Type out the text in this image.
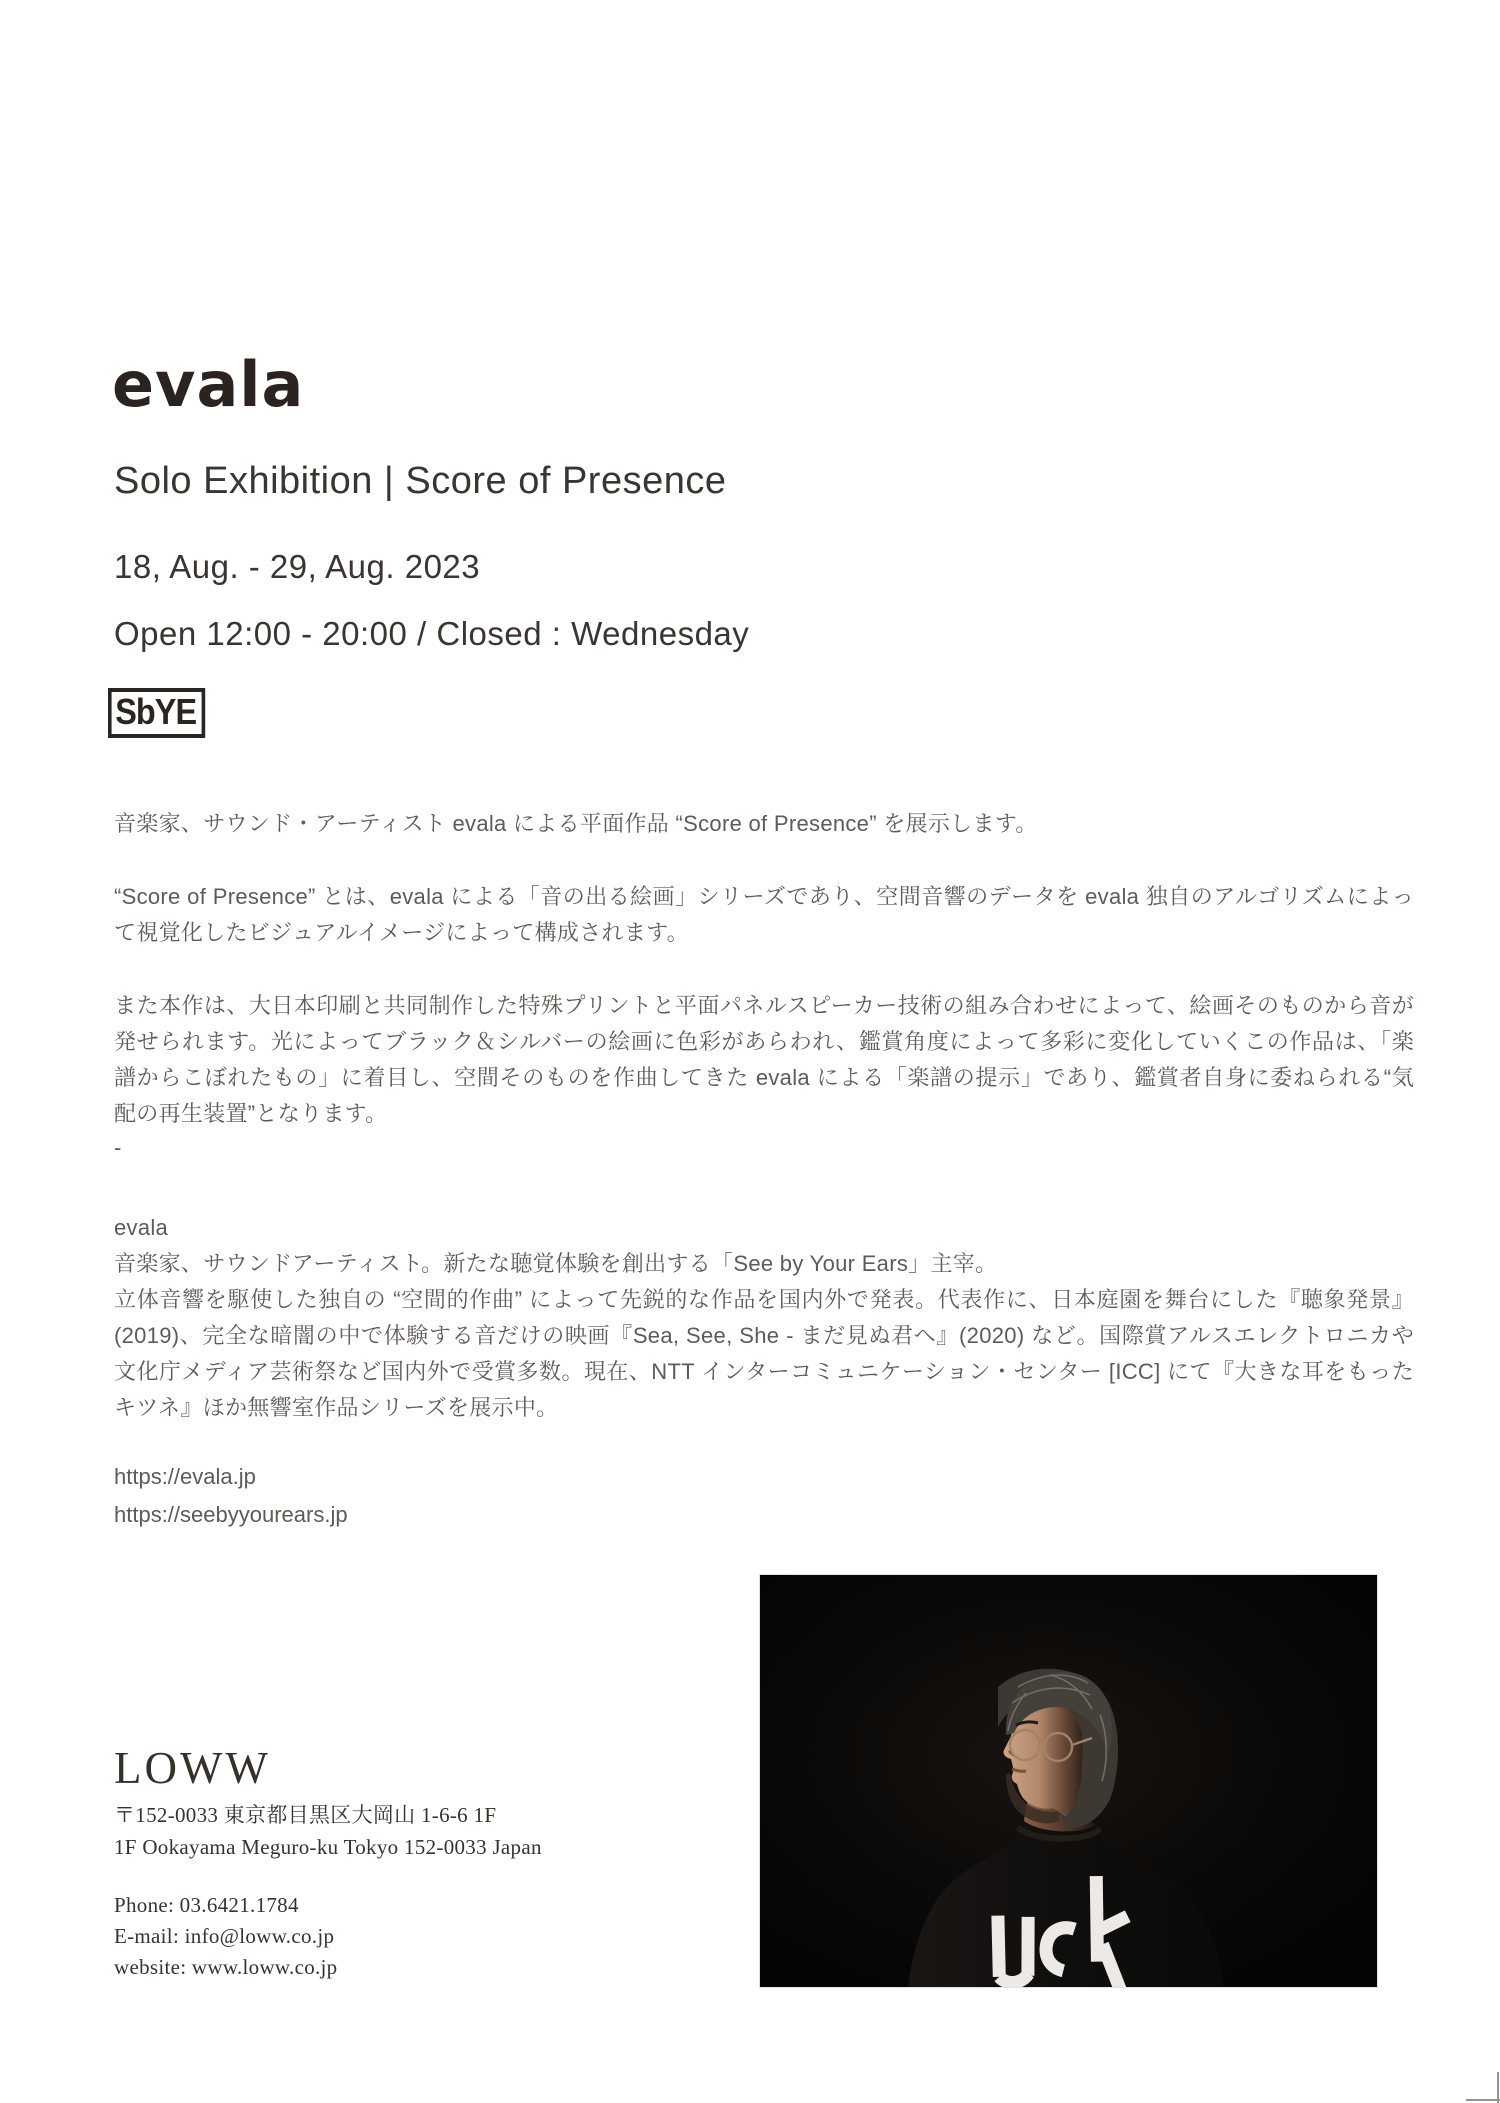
evala
Solo Exhibition | Score of Presence
18, Aug. - 29, Aug. 2023
Open 12:00 - 20:00 / Closed : Wednesday
SbYE
音楽家、サウンド・アーティスト evala による平面作品 “Score of Presence” を展示します。
“Score of Presence” とは、evala による「音の出る絵画」シリーズであり、空間音響のデータを evala 独自のアルゴリズムによって視覚化したビジュアルイメージによって構成されます。
また本作は、大日本印刷と共同制作した特殊プリントと平面パネルスピーカー技術の組み合わせによって、絵画そのものから音が発せられます。光によってブラック＆シルバーの絵画に色彩があらわれ、鑑賞角度によって多彩に変化していくこの作品は、「楽譜からこぼれたもの」に着目し、空間そのものを作曲してきた evala による「楽譜の提示」であり、鑑賞者自身に委ねられる“気配の再生装置”となります。
-
evala
音楽家、サウンドアーティスト。新たな聴覚体験を創出する「See by Your Ears」主宰。
立体音響を駆使した独自の “空間的作曲” によって先鋭的な作品を国内外で発表。代表作に、日本庭園を舞台にした『聴象発景』(2019)、完全な暗闇の中で体験する音だけの映画『Sea, See, She - まだ見ぬ君へ』(2020) など。国際賞アルスエレクトロニカや文化庁メディア芸術祭など国内外で受賞多数。現在、NTT インターコミュニケーション・センター [ICC] にて『大きな耳をもったキツネ』ほか無響室作品シリーズを展示中。
https://evala.jp
https://seebyyourears.jp
LOWW
〒152-0033 東京都目黒区大岡山 1-6-6 1F
1F Ookayama Meguro-ku Tokyo 152-0033 Japan
Phone: 03.6421.1784
E-mail: info@loww.co.jp
website: www.loww.co.jp
